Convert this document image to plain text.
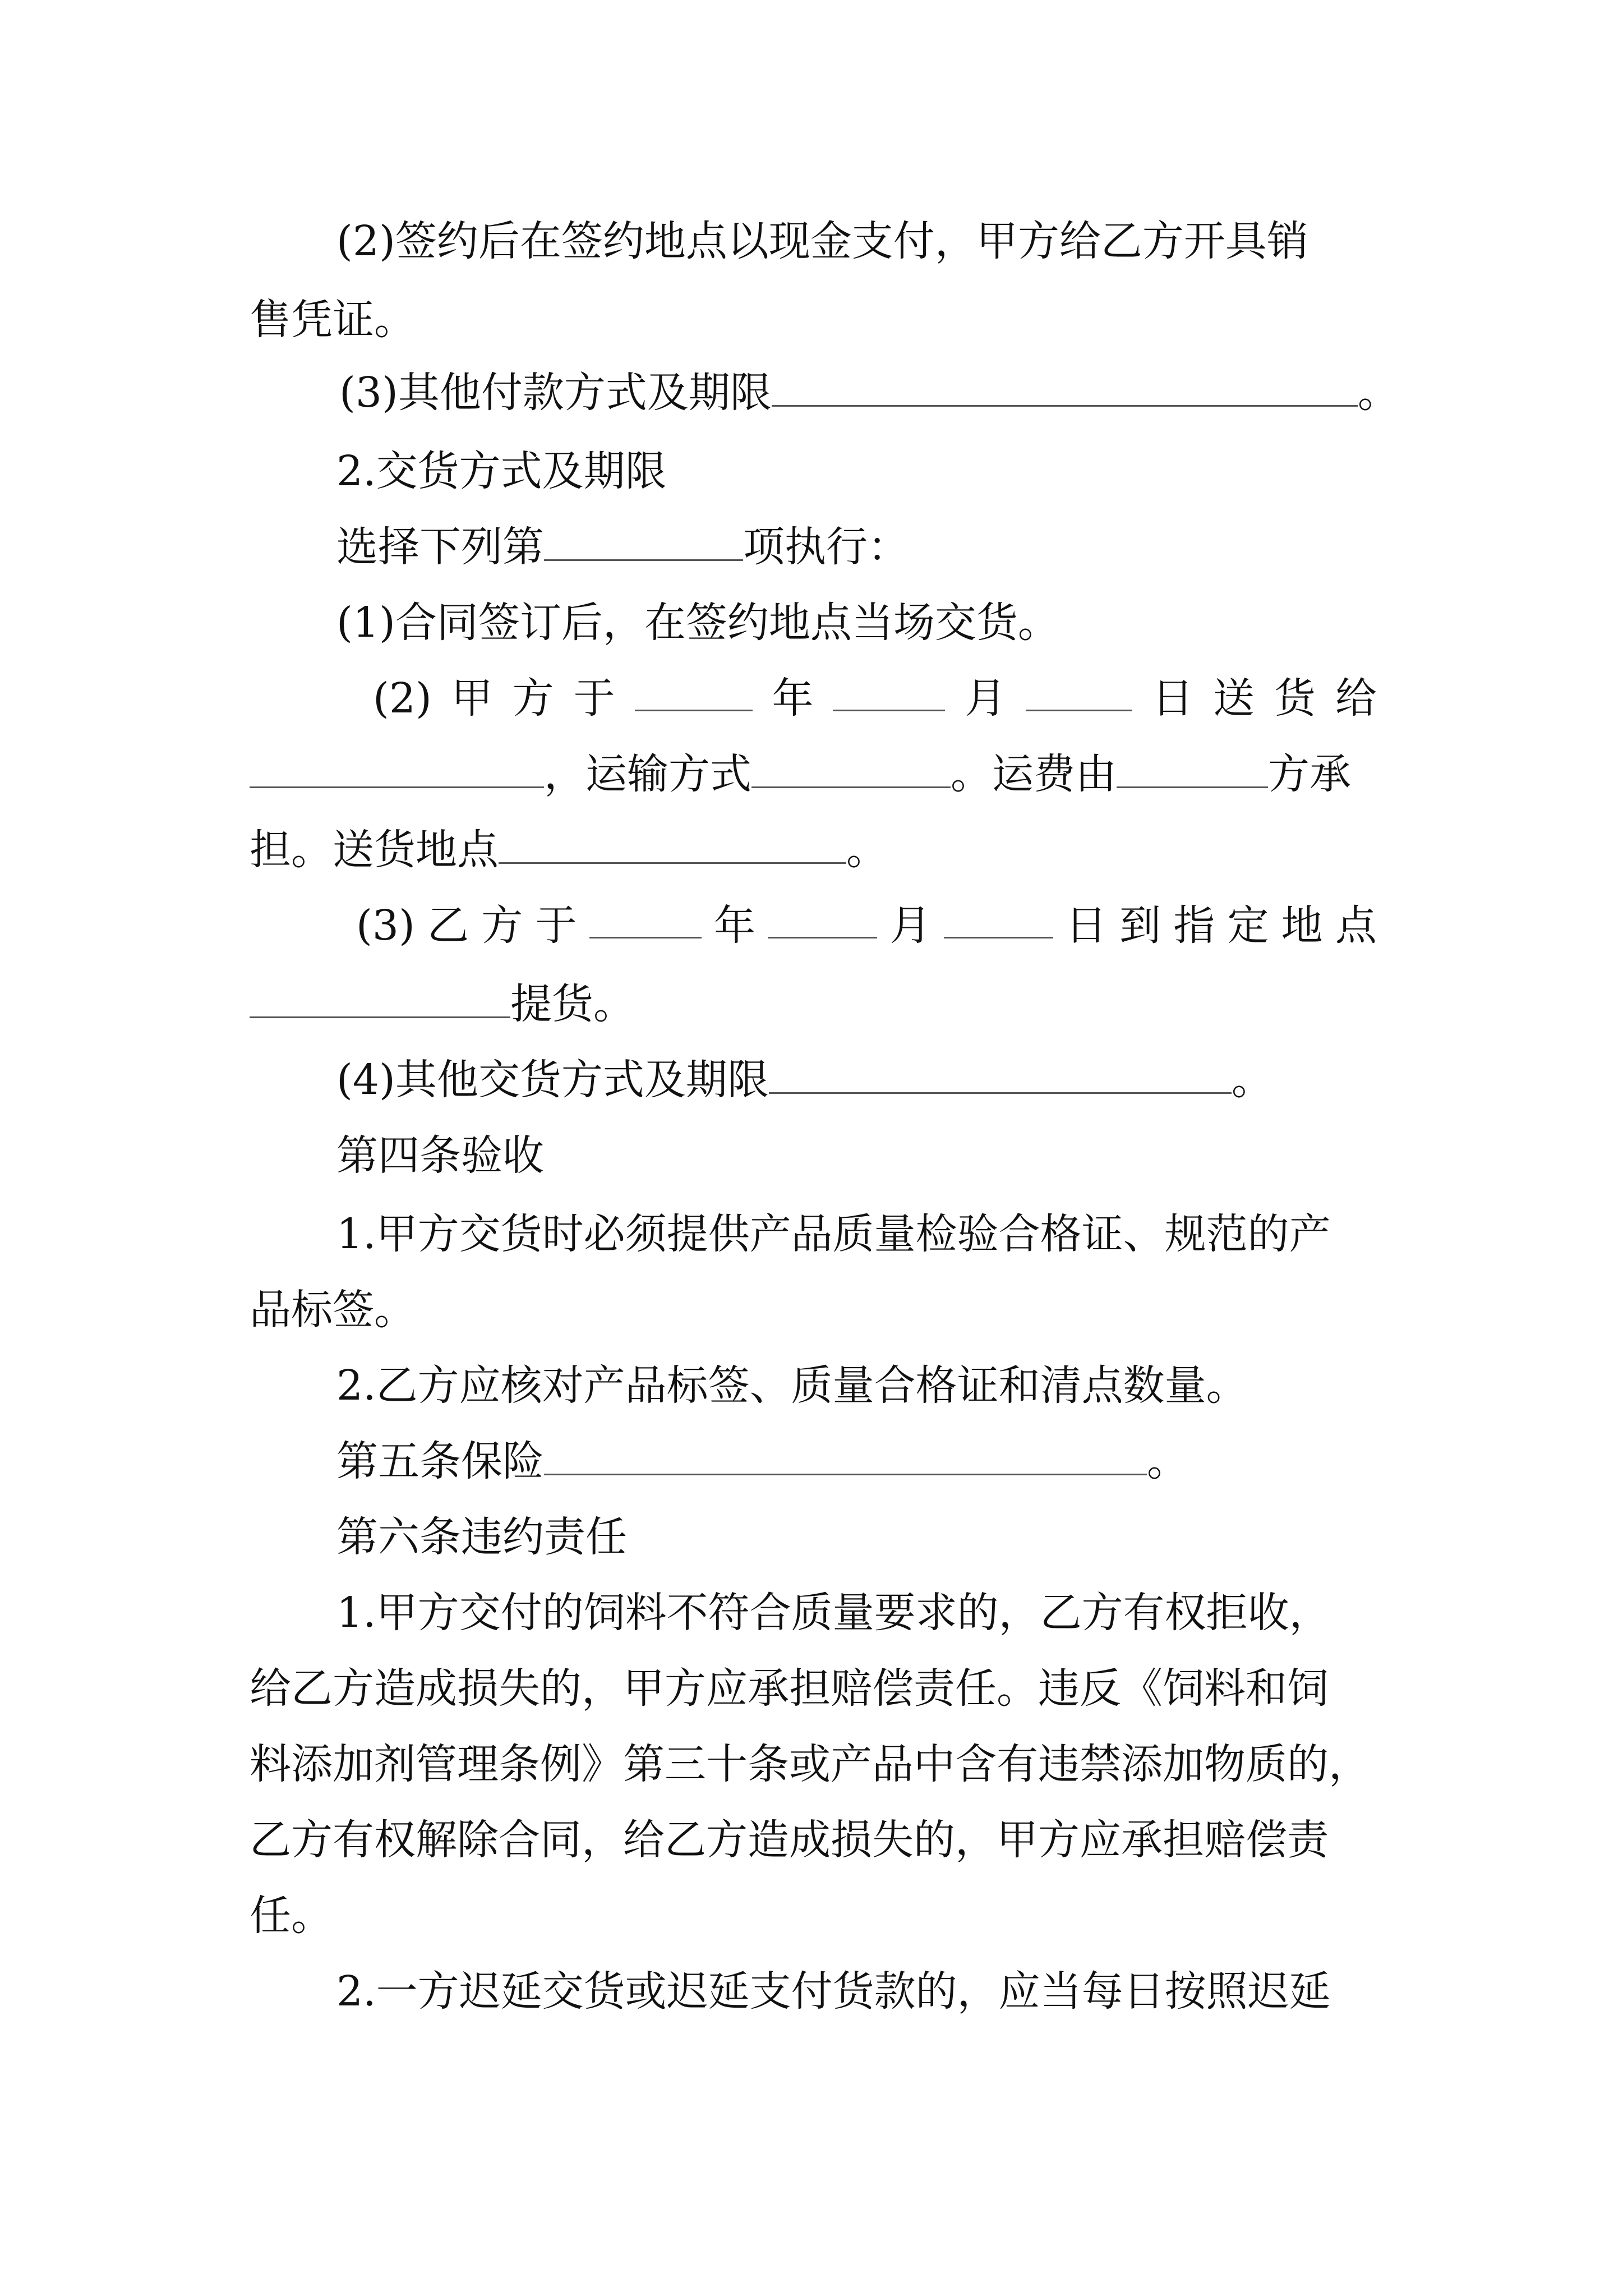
(2)签约后在签约地点以现金支付，甲方给乙方开具销
售凭证。
(3)其他付款方式及期限	。
2.交货方式及期限
选择下列第	项执行：
(1)合同签订后，在签约地点当场交货。
(2) 甲 方 于	年	月	日 送 货 给
，运输方式	。运费由	方承
担。送货地点	。
(3) 乙 方 于	年	月	日 到 指 定 地 点
提货。
(4)其他交货方式及期限	。
第四条验收
1.甲方交货时必须提供产品质量检验合格证、规范的产
品标签。
2.乙方应核对产品标签、质量合格证和清点数量。
第五条保险	。
第六条违约责任
1.甲方交付的饲料不符合质量要求的，乙方有权拒收，
给乙方造成损失的，甲方应承担赔偿责任。违反《饲料和饲
料添加剂管理条例》第三十条或产品中含有违禁添加物质的，
乙方有权解除合同，给乙方造成损失的，甲方应承担赔偿责
任。
2.一方迟延交货或迟延支付货款的，应当每日按照迟延
